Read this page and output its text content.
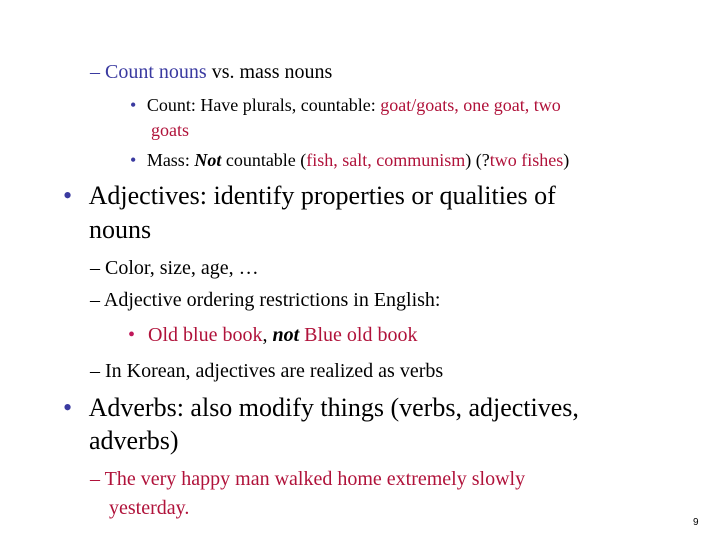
– Count nouns vs. mass nouns
• Count: Have plurals, countable: goat/goats, one goat, two
goats
• Mass: Not countable (fish, salt, communism) (?two fishes)
• Adjectives: identify properties or qualities of
nouns
– Color, size, age, …
– Adjective ordering restrictions in English:
• Old blue book, not Blue old book
– In Korean, adjectives are realized as verbs
• Adverbs: also modify things (verbs, adjectives,
adverbs)
– The very happy man walked home extremely slowly
yesterday.
9
